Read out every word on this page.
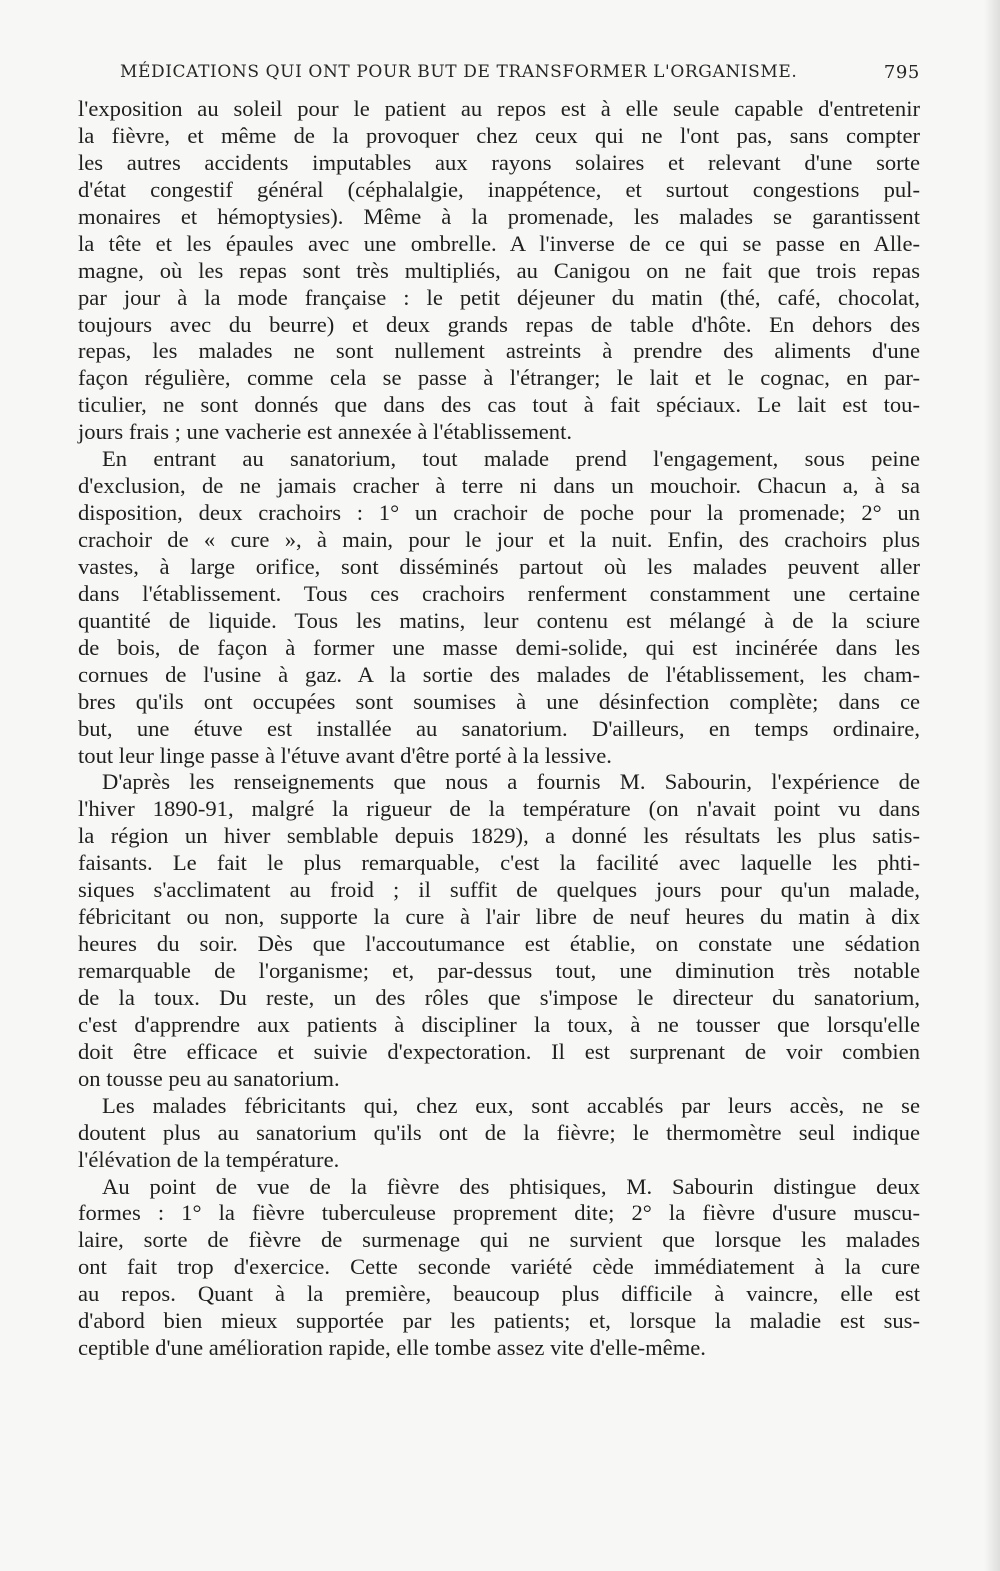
MÉDICATIONS QUI ONT POUR BUT DE TRANSFORMER L'ORGANISME.	795
l'exposition au soleil pour le patient au repos est à elle seule capable d'entretenir
la fièvre, et même de la provoquer chez ceux qui ne l'ont pas, sans compter
les autres accidents imputables aux rayons solaires et relevant d'une sorte
d'état congestif général (céphalalgie, inappétence, et surtout congestions pul-
monaires et hémoptysies). Même à la promenade, les malades se garantissent
la tête et les épaules avec une ombrelle. A l'inverse de ce qui se passe en Alle-
magne, où les repas sont très multipliés, au Canigou on ne fait que trois repas
par jour à la mode française : le petit déjeuner du matin (thé, café, chocolat,
toujours avec du beurre) et deux grands repas de table d'hôte. En dehors des
repas, les malades ne sont nullement astreints à prendre des aliments d'une
façon régulière, comme cela se passe à l'étranger; le lait et le cognac, en par-
ticulier, ne sont donnés que dans des cas tout à fait spéciaux. Le lait est tou-
jours frais ; une vacherie est annexée à l'établissement.
En entrant au sanatorium, tout malade prend l'engagement, sous peine
d'exclusion, de ne jamais cracher à terre ni dans un mouchoir. Chacun a, à sa
disposition, deux crachoirs : 1° un crachoir de poche pour la promenade; 2° un
crachoir de « cure », à main, pour le jour et la nuit. Enfin, des crachoirs plus
vastes, à large orifice, sont disséminés partout où les malades peuvent aller
dans l'établissement. Tous ces crachoirs renferment constamment une certaine
quantité de liquide. Tous les matins, leur contenu est mélangé à de la sciure
de bois, de façon à former une masse demi-solide, qui est incinérée dans les
cornues de l'usine à gaz. A la sortie des malades de l'établissement, les cham-
bres qu'ils ont occupées sont soumises à une désinfection complète; dans ce
but, une étuve est installée au sanatorium. D'ailleurs, en temps ordinaire,
tout leur linge passe à l'étuve avant d'être porté à la lessive.
D'après les renseignements que nous a fournis M. Sabourin, l'expérience de
l'hiver 1890-91, malgré la rigueur de la température (on n'avait point vu dans
la région un hiver semblable depuis 1829), a donné les résultats les plus satis-
faisants. Le fait le plus remarquable, c'est la facilité avec laquelle les phti-
siques s'acclimatent au froid ; il suffit de quelques jours pour qu'un malade,
fébricitant ou non, supporte la cure à l'air libre de neuf heures du matin à dix
heures du soir. Dès que l'accoutumance est établie, on constate une sédation
remarquable de l'organisme; et, par-dessus tout, une diminution très notable
de la toux. Du reste, un des rôles que s'impose le directeur du sanatorium,
c'est d'apprendre aux patients à discipliner la toux, à ne tousser que lorsqu'elle
doit être efficace et suivie d'expectoration. Il est surprenant de voir combien
on tousse peu au sanatorium.
Les malades fébricitants qui, chez eux, sont accablés par leurs accès, ne se
doutent plus au sanatorium qu'ils ont de la fièvre; le thermomètre seul indique
l'élévation de la température.
Au point de vue de la fièvre des phtisiques, M. Sabourin distingue deux
formes : 1° la fièvre tuberculeuse proprement dite; 2° la fièvre d'usure muscu-
laire, sorte de fièvre de surmenage qui ne survient que lorsque les malades
ont fait trop d'exercice. Cette seconde variété cède immédiatement à la cure
au repos. Quant à la première, beaucoup plus difficile à vaincre, elle est
d'abord bien mieux supportée par les patients; et, lorsque la maladie est sus-
ceptible d'une amélioration rapide, elle tombe assez vite d'elle-même.
